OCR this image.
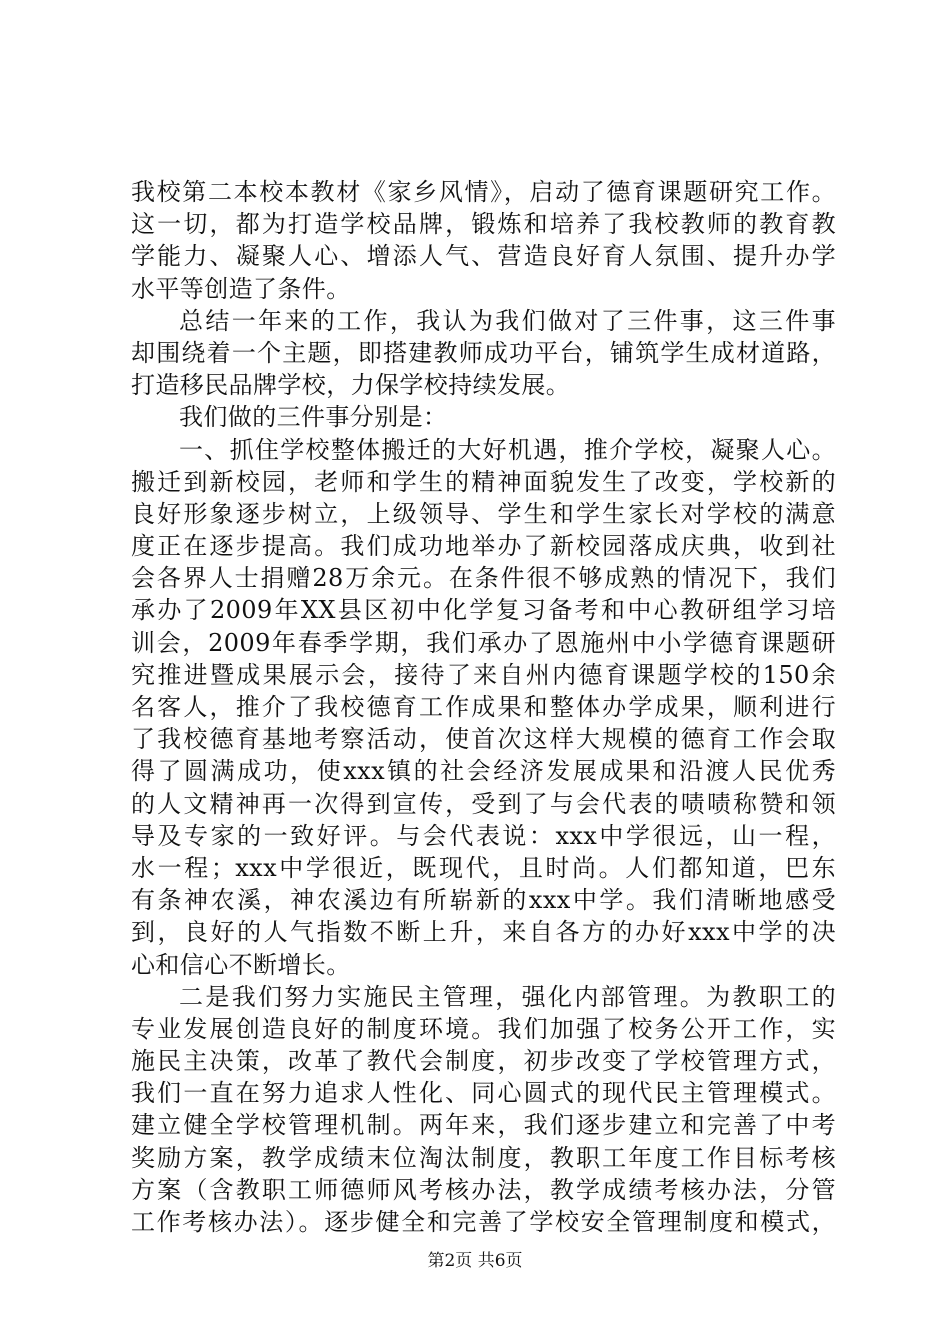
我校第二本校本教材《家乡风情》，启动了德育课题研究工作。
这一切，都为打造学校品牌，锻炼和培养了我校教师的教育教
学能力、凝聚人心、增添人气、营造良好育人氛围、提升办学
水平等创造了条件。
总结一年来的工作，我认为我们做对了三件事，这三件事
却围绕着一个主题，即搭建教师成功平台，铺筑学生成材道路，
打造移民品牌学校，力保学校持续发展。
我们做的三件事分别是：
一、抓住学校整体搬迁的大好机遇，推介学校，凝聚人心。
搬迁到新校园，老师和学生的精神面貌发生了改变，学校新的
良好形象逐步树立，上级领导、学生和学生家长对学校的满意
度正在逐步提高。我们成功地举办了新校园落成庆典，收到社
会各界人士捐赠28万余元。在条件很不够成熟的情况下，我们
承办了2009年XX县区初中化学复习备考和中心教研组学习培
训会，2009年春季学期，我们承办了恩施州中小学德育课题研
究推进暨成果展示会，接待了来自州内德育课题学校的150余
名客人，推介了我校德育工作成果和整体办学成果，顺利进行
了我校德育基地考察活动，使首次这样大规模的德育工作会取
得了圆满成功，使xxx镇的社会经济发展成果和沿渡人民优秀
的人文精神再一次得到宣传，受到了与会代表的啧啧称赞和领
导及专家的一致好评。与会代表说：xxx中学很远，山一程，
水一程；xxx中学很近，既现代，且时尚。人们都知道，巴东
有条神农溪，神农溪边有所崭新的xxx中学。我们清晰地感受
到，良好的人气指数不断上升，来自各方的办好xxx中学的决
心和信心不断增长。
二是我们努力实施民主管理，强化内部管理。为教职工的
专业发展创造良好的制度环境。我们加强了校务公开工作，实
施民主决策，改革了教代会制度，初步改变了学校管理方式，
我们一直在努力追求人性化、同心圆式的现代民主管理模式。
建立健全学校管理机制。两年来，我们逐步建立和完善了中考
奖励方案，教学成绩末位淘汰制度，教职工年度工作目标考核
方案（含教职工师德师风考核办法，教学成绩考核办法，分管
工作考核办法）。逐步健全和完善了学校安全管理制度和模式，
第2页 共6页
